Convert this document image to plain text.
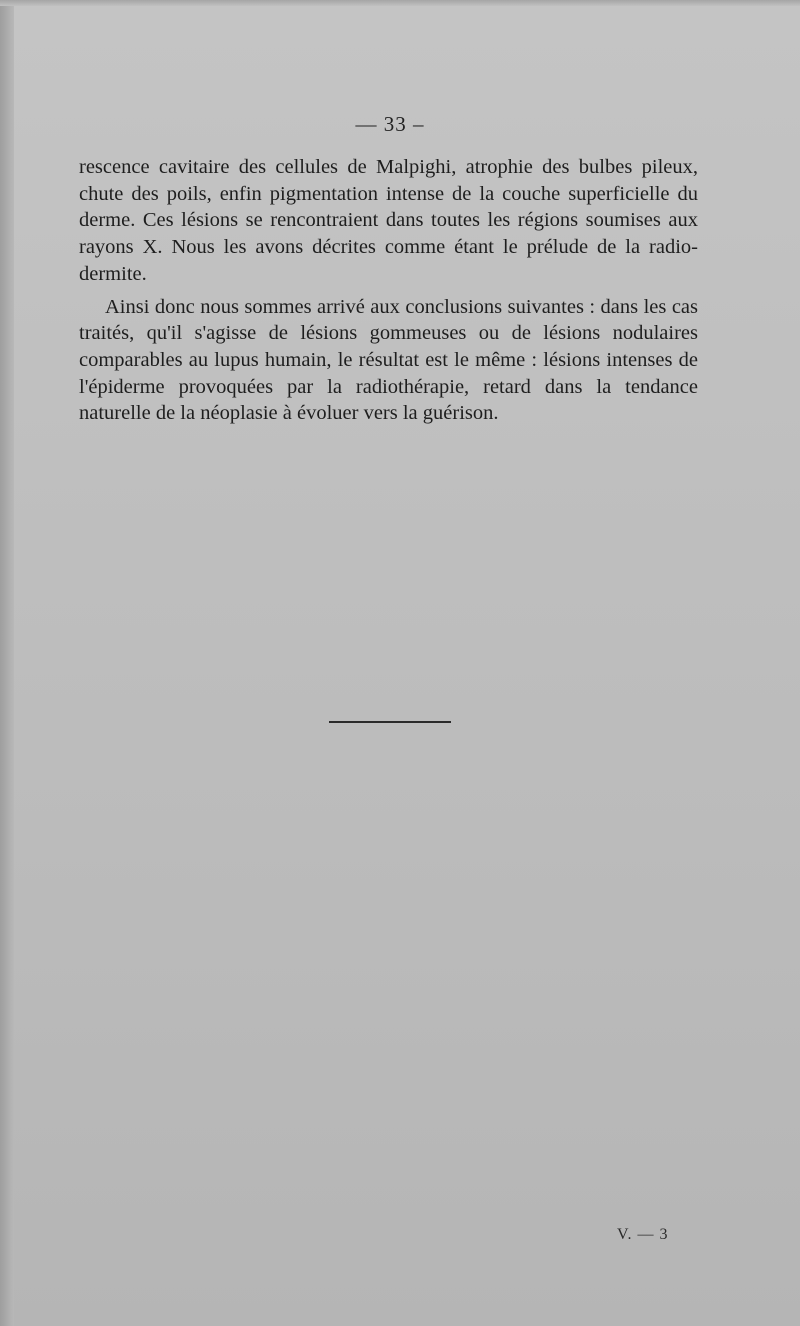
— 33 –

rescence cavitaire des cellules de Malpighi, atrophie des bulbes pileux, chute des poils, enfin pigmentation intense de la couche superficielle du derme. Ces lésions se rencontraient dans toutes les régions soumises aux rayons X. Nous les avons décrites comme étant le prélude de la radio-dermite.

Ainsi donc nous sommes arrivé aux conclusions suivantes : dans les cas traités, qu'il s'agisse de lésions gommeuses ou de lésions nodulaires comparables au lupus humain, le résultat est le même : lésions intenses de l'épiderme provoquées par la radiothérapie, retard dans la tendance naturelle de la néoplasie à évoluer vers la guérison.

V. — 3
